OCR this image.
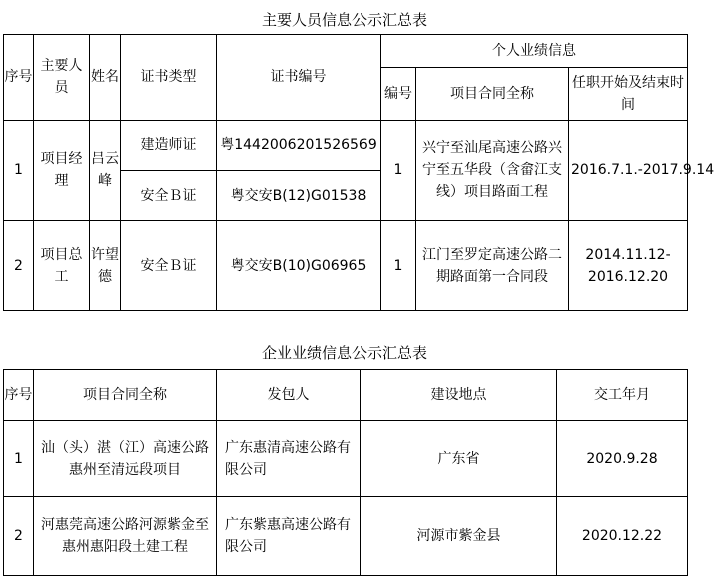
主要人员信息公示汇总表
序号	主要人员	姓名	证书类型	证书编号	个人业绩信息		
					编号	项目合同全称	任职开始及结束时间
1	项目经理	吕云峰	建造师证	粤1442006201526569	1	兴宁至汕尾高速公路兴宁至五华段（含畲江支线）项目路面工程	2016.7.1.-2017.9.14
			安全Ｂ证	粤交安B(12)G01538			
2	项目总工	许望德	安全Ｂ证	粤交安B(10)G06965	1	江门至罗定高速公路二期路面第一合同段	2014.11.12-2016.12.20
企业业绩信息公示汇总表
序号	项目合同全称	发包人	建设地点	交工年月
1	汕（头）湛（江）高速公路惠州至清远段项目	广东惠清高速公路有限公司	广东省	2020.9.28
2	河惠莞高速公路河源紫金至惠州惠阳段土建工程	广东紫惠高速公路有限公司	河源市紫金县	2020.12.22
